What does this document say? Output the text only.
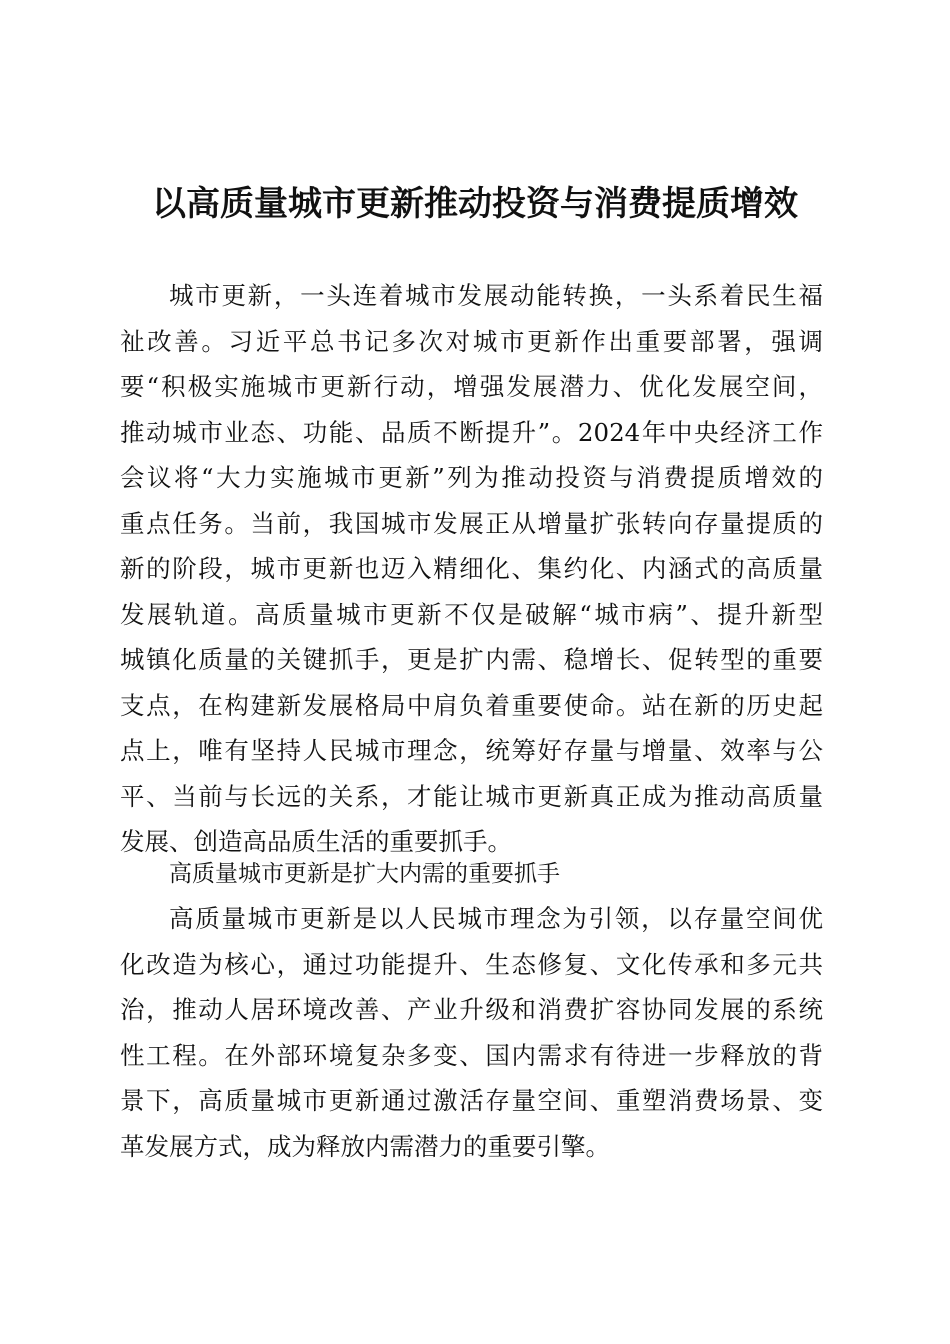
以高质量城市更新推动投资与消费提质增效
城市更新，一头连着城市发展动能转换，一头系着民生福
祉改善。习近平总书记多次对城市更新作出重要部署，强调
要“积极实施城市更新行动，增强发展潜力、优化发展空间，
推动城市业态、功能、品质不断提升”。2024年中央经济工作
会议将“大力实施城市更新”列为推动投资与消费提质增效的
重点任务。当前，我国城市发展正从增量扩张转向存量提质的
新的阶段，城市更新也迈入精细化、集约化、内涵式的高质量
发展轨道。高质量城市更新不仅是破解“城市病”、提升新型
城镇化质量的关键抓手，更是扩内需、稳增长、促转型的重要
支点，在构建新发展格局中肩负着重要使命。站在新的历史起
点上，唯有坚持人民城市理念，统筹好存量与增量、效率与公
平、当前与长远的关系，才能让城市更新真正成为推动高质量
发展、创造高品质生活的重要抓手。
高质量城市更新是扩大内需的重要抓手
高质量城市更新是以人民城市理念为引领，以存量空间优
化改造为核心，通过功能提升、生态修复、文化传承和多元共
治，推动人居环境改善、产业升级和消费扩容协同发展的系统
性工程。在外部环境复杂多变、国内需求有待进一步释放的背
景下，高质量城市更新通过激活存量空间、重塑消费场景、变
革发展方式，成为释放内需潜力的重要引擎。
